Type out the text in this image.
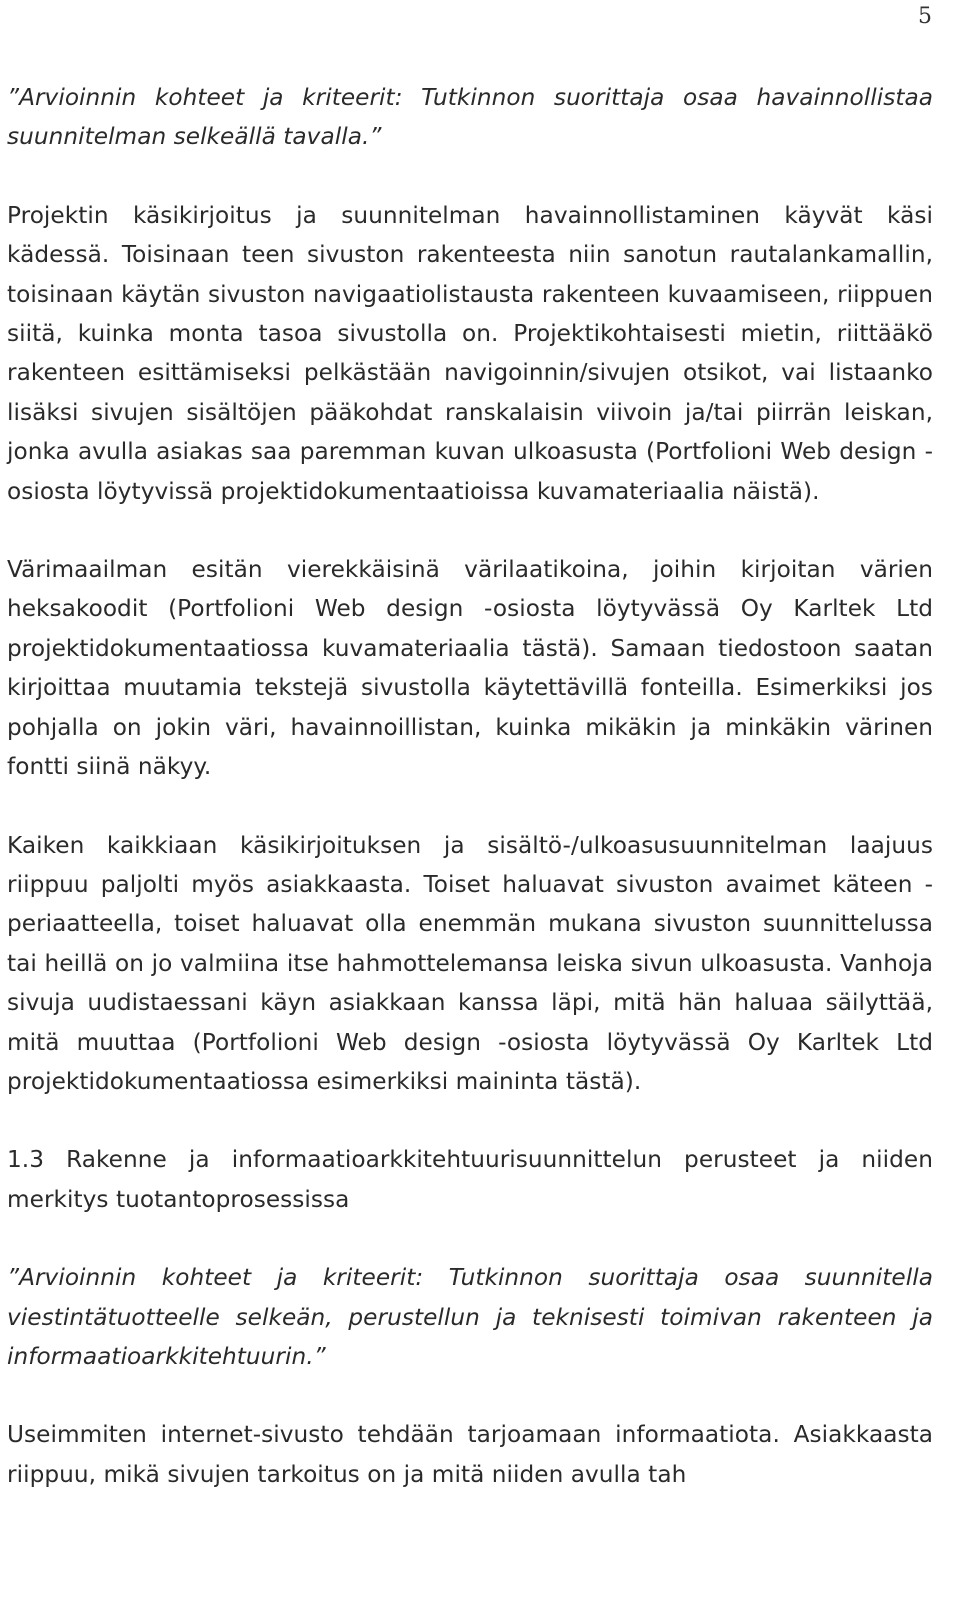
5

”Arvioinnin kohteet ja kriteerit: Tutkinnon suorittaja osaa havainnollistaa suunnitelman selkeällä tavalla.”

Projektin käsikirjoitus ja suunnitelman havainnollistaminen käyvät käsi kädessä. Toisinaan teen sivuston rakenteesta niin sanotun rautalankamallin, toisinaan käytän sivuston navigaatiolistausta rakenteen kuvaamiseen, riippuen siitä, kuinka monta tasoa sivustolla on. Projektikohtaisesti mietin, riittääkö rakenteen esittämiseksi pelkästään navigoinnin/sivujen otsikot, vai listaanko lisäksi sivujen sisältöjen pääkohdat ranskalaisin viivoin ja/tai piirrän leiskan, jonka avulla asiakas saa paremman kuvan ulkoasusta (Portfolioni Web design -osiosta löytyvissä projektidokumentaatioissa kuvamateriaalia näistä).

Värimaailman esitän vierekkäisinä värilaatikoina, joihin kirjoitan värien heksakoodit (Portfolioni Web design -osiosta löytyvässä Oy Karltek Ltd projektidokumentaatiossa kuvamateriaalia tästä). Samaan tiedostoon saatan kirjoittaa muutamia tekstejä sivustolla käytettävillä fonteilla. Esimerkiksi jos pohjalla on jokin väri, havainnoillistan, kuinka mikäkin ja minkäkin värinen fontti siinä näkyy.

Kaiken kaikkiaan käsikirjoituksen ja sisältö-/ulkoasusuunnitelman laajuus riippuu paljolti myös asiakkaasta. Toiset haluavat sivuston avaimet käteen -periaatteella, toiset haluavat olla enemmän mukana sivuston suunnittelussa tai heillä on jo valmiina itse hahmottelemansa leiska sivun ulkoasusta. Vanhoja sivuja uudistaessani käyn asiakkaan kanssa läpi, mitä hän haluaa säilyttää, mitä muuttaa (Portfolioni Web design -osiosta löytyvässä Oy Karltek Ltd projektidokumentaatiossa esimerkiksi maininta tästä).

1.3 Rakenne ja informaatioarkkitehtuurisuunnittelun perusteet ja niiden merkitys tuotantoprosessissa

”Arvioinnin kohteet ja kriteerit: Tutkinnon suorittaja osaa suunnitella viestintätuotteelle selkeän, perustellun ja teknisesti toimivan rakenteen ja informaatioarkkitehtuurin.”

Useimmiten internet-sivusto tehdään tarjoamaan informaatiota. Asiakkaasta riippuu, mikä sivujen tarkoitus on ja mitä niiden avulla tah
